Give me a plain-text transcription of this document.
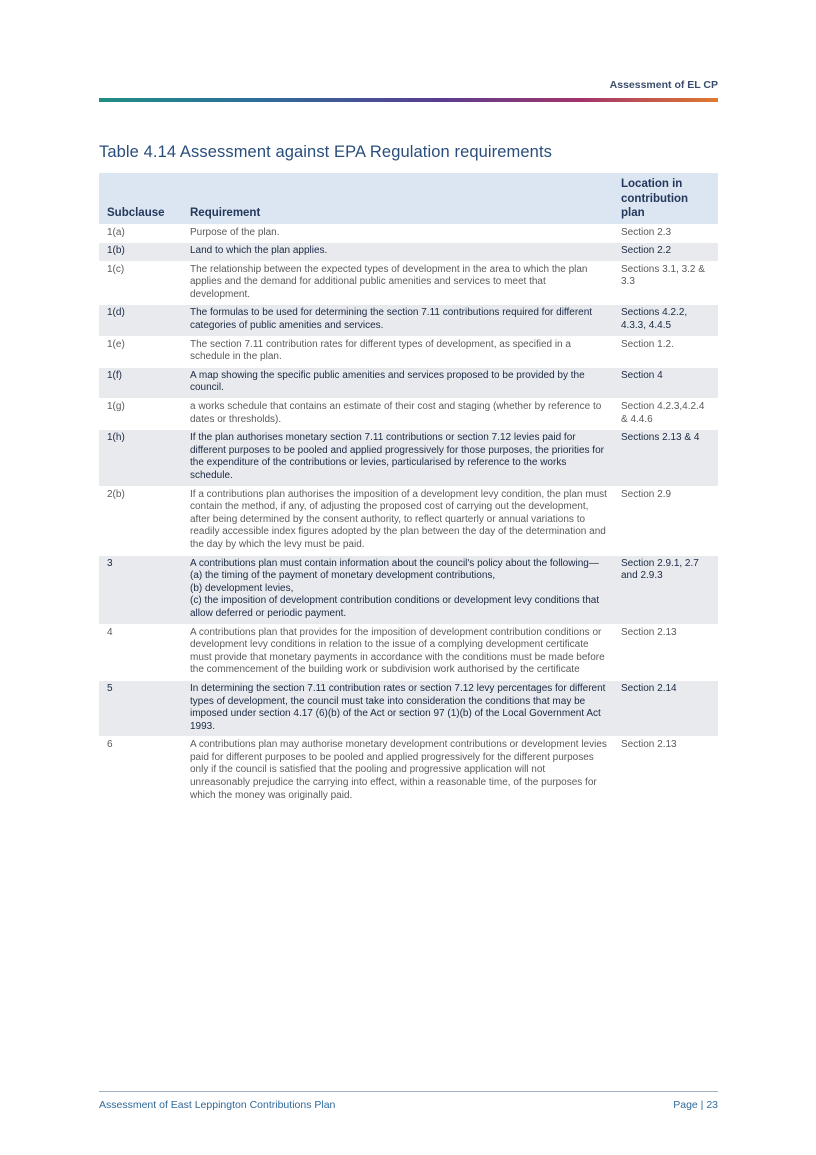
Assessment of EL CP
Table 4.14 Assessment against EPA Regulation requirements
Subclause	Requirement	Location in contribution plan
1(a)	Purpose of the plan.	Section 2.3
1(b)	Land to which the plan applies.	Section 2.2
1(c)	The relationship between the expected types of development in the area to which the plan applies and the demand for additional public amenities and services to meet that development.	Sections 3.1, 3.2 & 3.3
1(d)	The formulas to be used for determining the section 7.11 contributions required for different categories of public amenities and services.	Sections 4.2.2, 4.3.3, 4.4.5
1(e)	The section 7.11 contribution rates for different types of development, as specified in a schedule in the plan.	Section 1.2.
1(f)	A map showing the specific public amenities and services proposed to be provided by the council.	Section 4
1(g)	a works schedule that contains an estimate of their cost and staging (whether by reference to dates or thresholds).	Section 4.2.3,4.2.4 & 4.4.6
1(h)	If the plan authorises monetary section 7.11 contributions or section 7.12 levies paid for different purposes to be pooled and applied progressively for those purposes, the priorities for the expenditure of the contributions or levies, particularised by reference to the works schedule.	Sections 2.13 & 4
2(b)	If a contributions plan authorises the imposition of a development levy condition, the plan must contain the method, if any, of adjusting the proposed cost of carrying out the development, after being determined by the consent authority, to reflect quarterly or annual variations to readily accessible index figures adopted by the plan between the day of the determination and the day by which the levy must be paid.	Section 2.9
3	A contributions plan must contain information about the council's policy about the following—
(a) the timing of the payment of monetary development contributions,
(b) development levies,
(c) the imposition of development contribution conditions or development levy conditions that allow deferred or periodic payment.	Section 2.9.1, 2.7 and 2.9.3
4	A contributions plan that provides for the imposition of development contribution conditions or development levy conditions in relation to the issue of a complying development certificate must provide that monetary payments in accordance with the conditions must be made before the commencement of the building work or subdivision work authorised by the certificate	Section 2.13
5	In determining the section 7.11 contribution rates or section 7.12 levy percentages for different types of development, the council must take into consideration the conditions that may be imposed under section 4.17 (6)(b) of the Act or section 97 (1)(b) of the Local Government Act 1993.	Section 2.14
6	A contributions plan may authorise monetary development contributions or development levies paid for different purposes to be pooled and applied progressively for the different purposes only if the council is satisfied that the pooling and progressive application will not unreasonably prejudice the carrying into effect, within a reasonable time, of the purposes for which the money was originally paid.	Section 2.13
Assessment of East Leppington Contributions Plan	Page | 23
